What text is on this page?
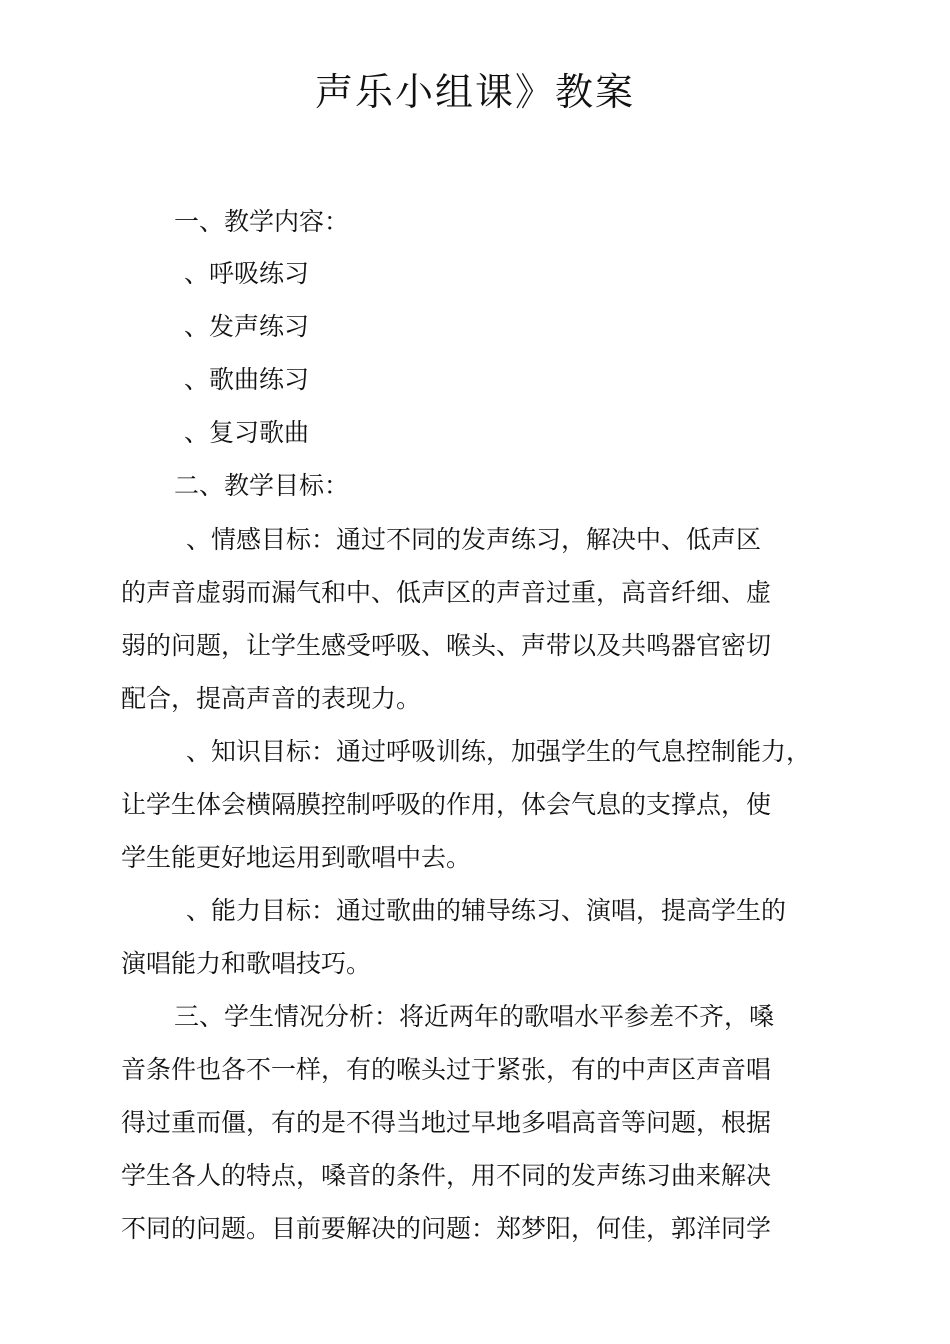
声乐小组课》教案

一、教学内容：

、呼吸练习

、发声练习

、歌曲练习

、复习歌曲

二、教学目标：

、情感目标：通过不同的发声练习，解决中、低声区

的声音虚弱而漏气和中、低声区的声音过重，高音纤细、虚

弱的问题，让学生感受呼吸、喉头、声带以及共鸣器官密切

配合，提高声音的表现力。

、知识目标：通过呼吸训练，加强学生的气息控制能力，

让学生体会横隔膜控制呼吸的作用，体会气息的支撑点，使

学生能更好地运用到歌唱中去。

、能力目标：通过歌曲的辅导练习、演唱，提高学生的

演唱能力和歌唱技巧。

三、学生情况分析：将近两年的歌唱水平参差不齐，嗓

音条件也各不一样，有的喉头过于紧张，有的中声区声音唱

得过重而僵，有的是不得当地过早地多唱高音等问题，根据

学生各人的特点，嗓音的条件，用不同的发声练习曲来解决

不同的问题。目前要解决的问题：郑梦阳，何佳，郭洋同学
